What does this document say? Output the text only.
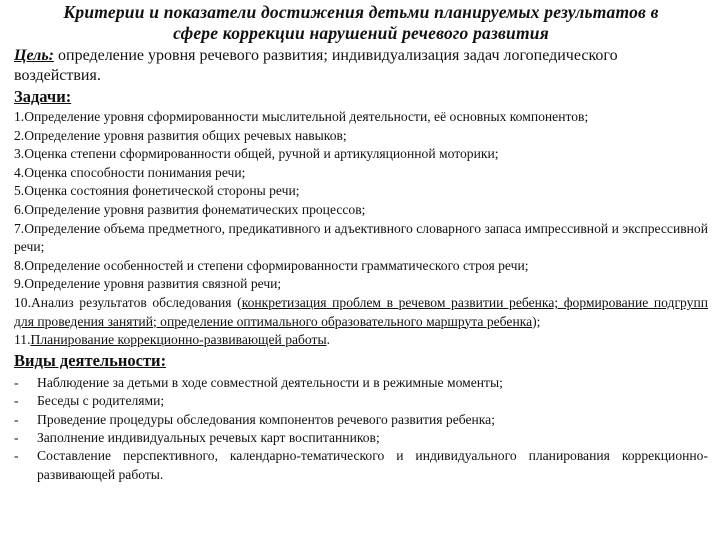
Критерии и показатели достижения детьми планируемых результатов в
сфере коррекции нарушений речевого развития
Цель: определение уровня речевого развития; индивидуализация задач логопедического воздействия.
Задачи:
1.Определение уровня сформированности мыслительной деятельности, её основных компонентов;
2.Определение уровня развития общих речевых навыков;
3.Оценка степени сформированности общей, ручной и артикуляционной моторики;
4.Оценка способности понимания речи;
5.Оценка состояния фонетической стороны речи;
6.Определение уровня развития фонематических процессов;
7.Определение объема предметного, предикативного и адъективного словарного запаса импрессивной и экспрессивной речи;
8.Определение особенностей и степени сформированности грамматического строя речи;
9.Определение уровня развития связной речи;
10.Анализ результатов обследования (конкретизация проблем в речевом развитии ребенка; формирование подгрупп для проведения занятий; определение оптимального образовательного маршрута ребенка);
11.Планирование коррекционно-развивающей работы.
Виды деятельности:
- Наблюдение за детьми в ходе совместной деятельности и в режимные моменты;
- Беседы с родителями;
- Проведение процедуры обследования компонентов речевого развития ребенка;
- Заполнение индивидуальных речевых карт воспитанников;
- Составление перспективного, календарно-тематического и индивидуального планирования коррекционно-развивающей работы.
